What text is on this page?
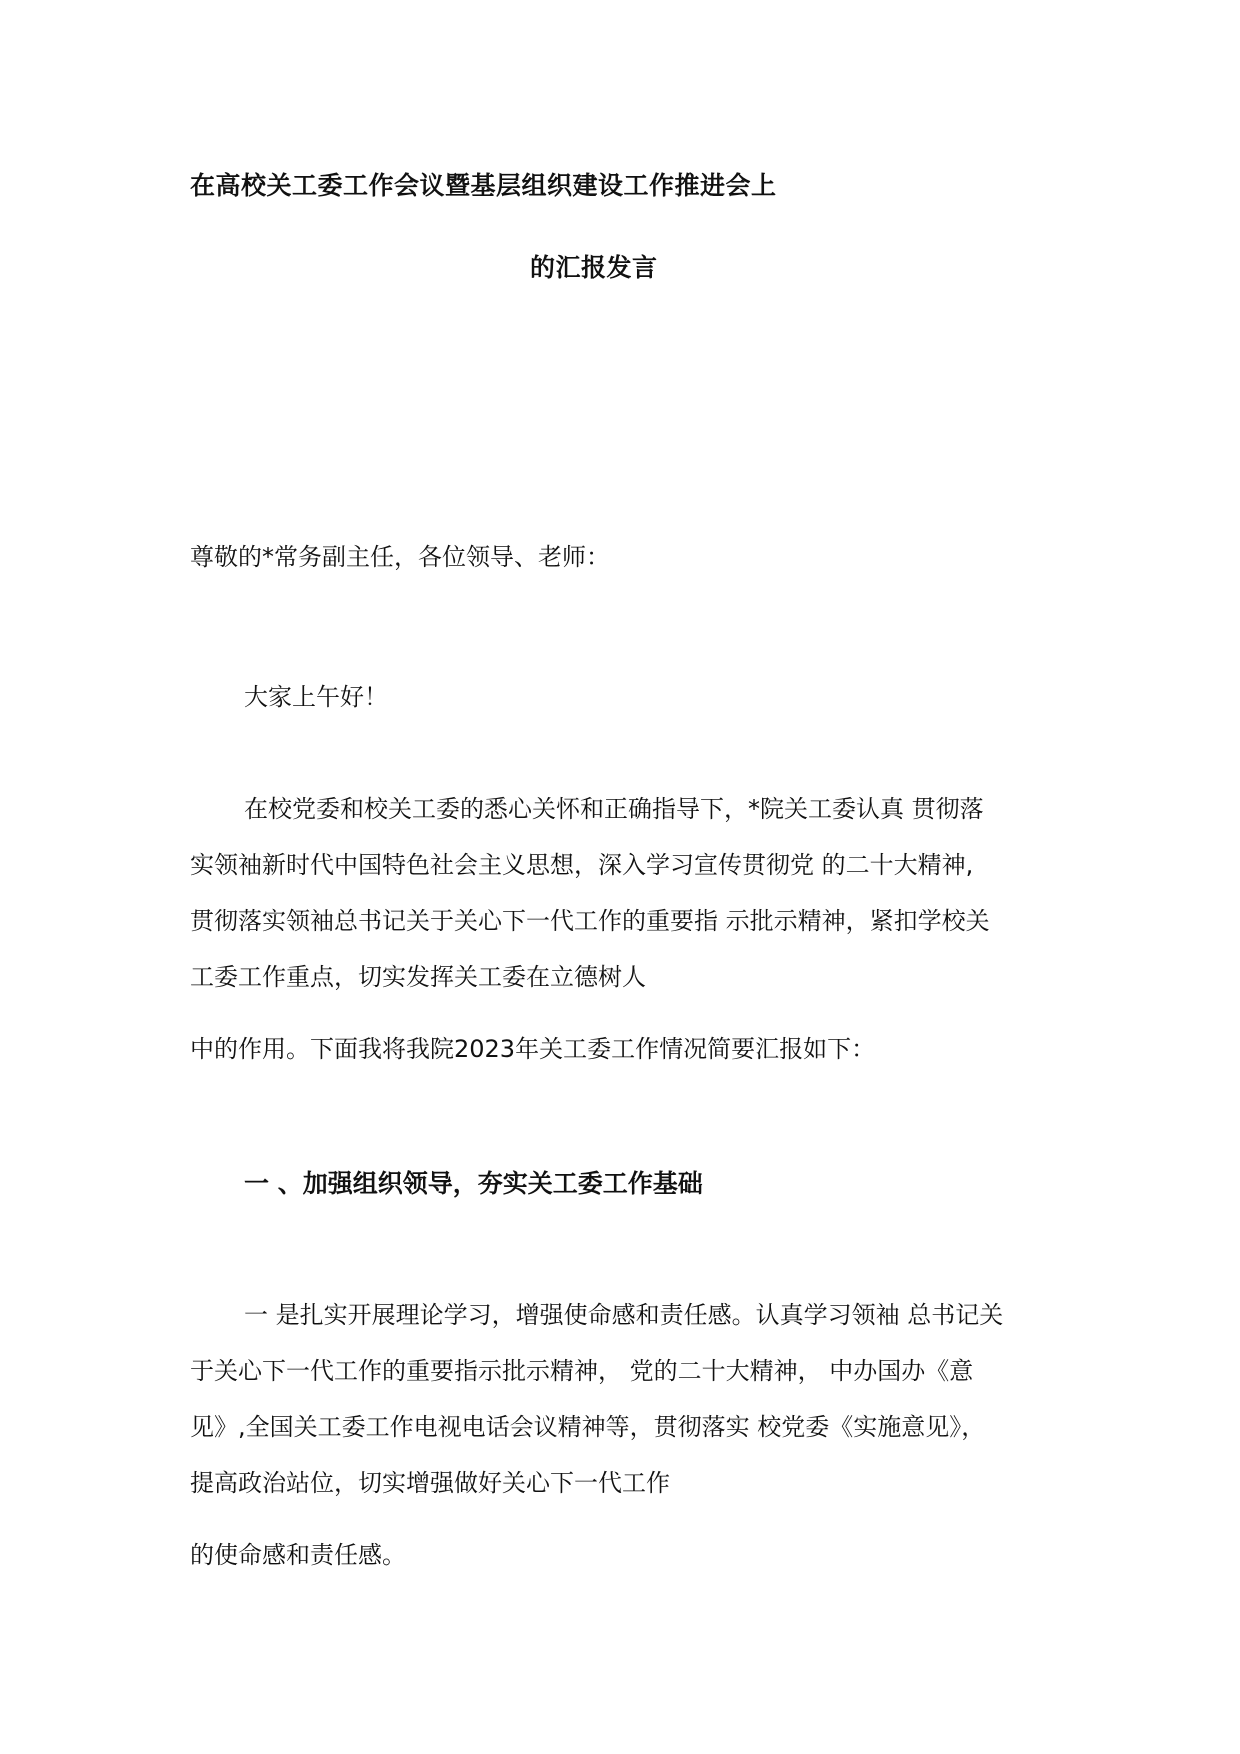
在高校关工委工作会议暨基层组织建设工作推进会上
的汇报发言
尊敬的*常务副主任，各位领导、老师：
大家上午好！
在校党委和校关工委的悉心关怀和正确指导下，*院关工委认真 贯彻落
实领袖新时代中国特色社会主义思想，深入学习宣传贯彻党 的二十大精神,
贯彻落实领袖总书记关于关心下一代工作的重要指 示批示精神，紧扣学校关
工委工作重点，切实发挥关工委在立德树人
中的作用。下面我将我院2023年关工委工作情况简要汇报如下：
一 、加强组织领导，夯实关工委工作基础
一 是扎实开展理论学习，增强使命感和责任感。认真学习领袖 总书记关
于关心下一代工作的重要指示批示精神， 党的二十大精神， 中办国办《意
见》,全国关工委工作电视电话会议精神等，贯彻落实 校党委《实施意见》，
提高政治站位，切实增强做好关心下一代工作
的使命感和责任感。
